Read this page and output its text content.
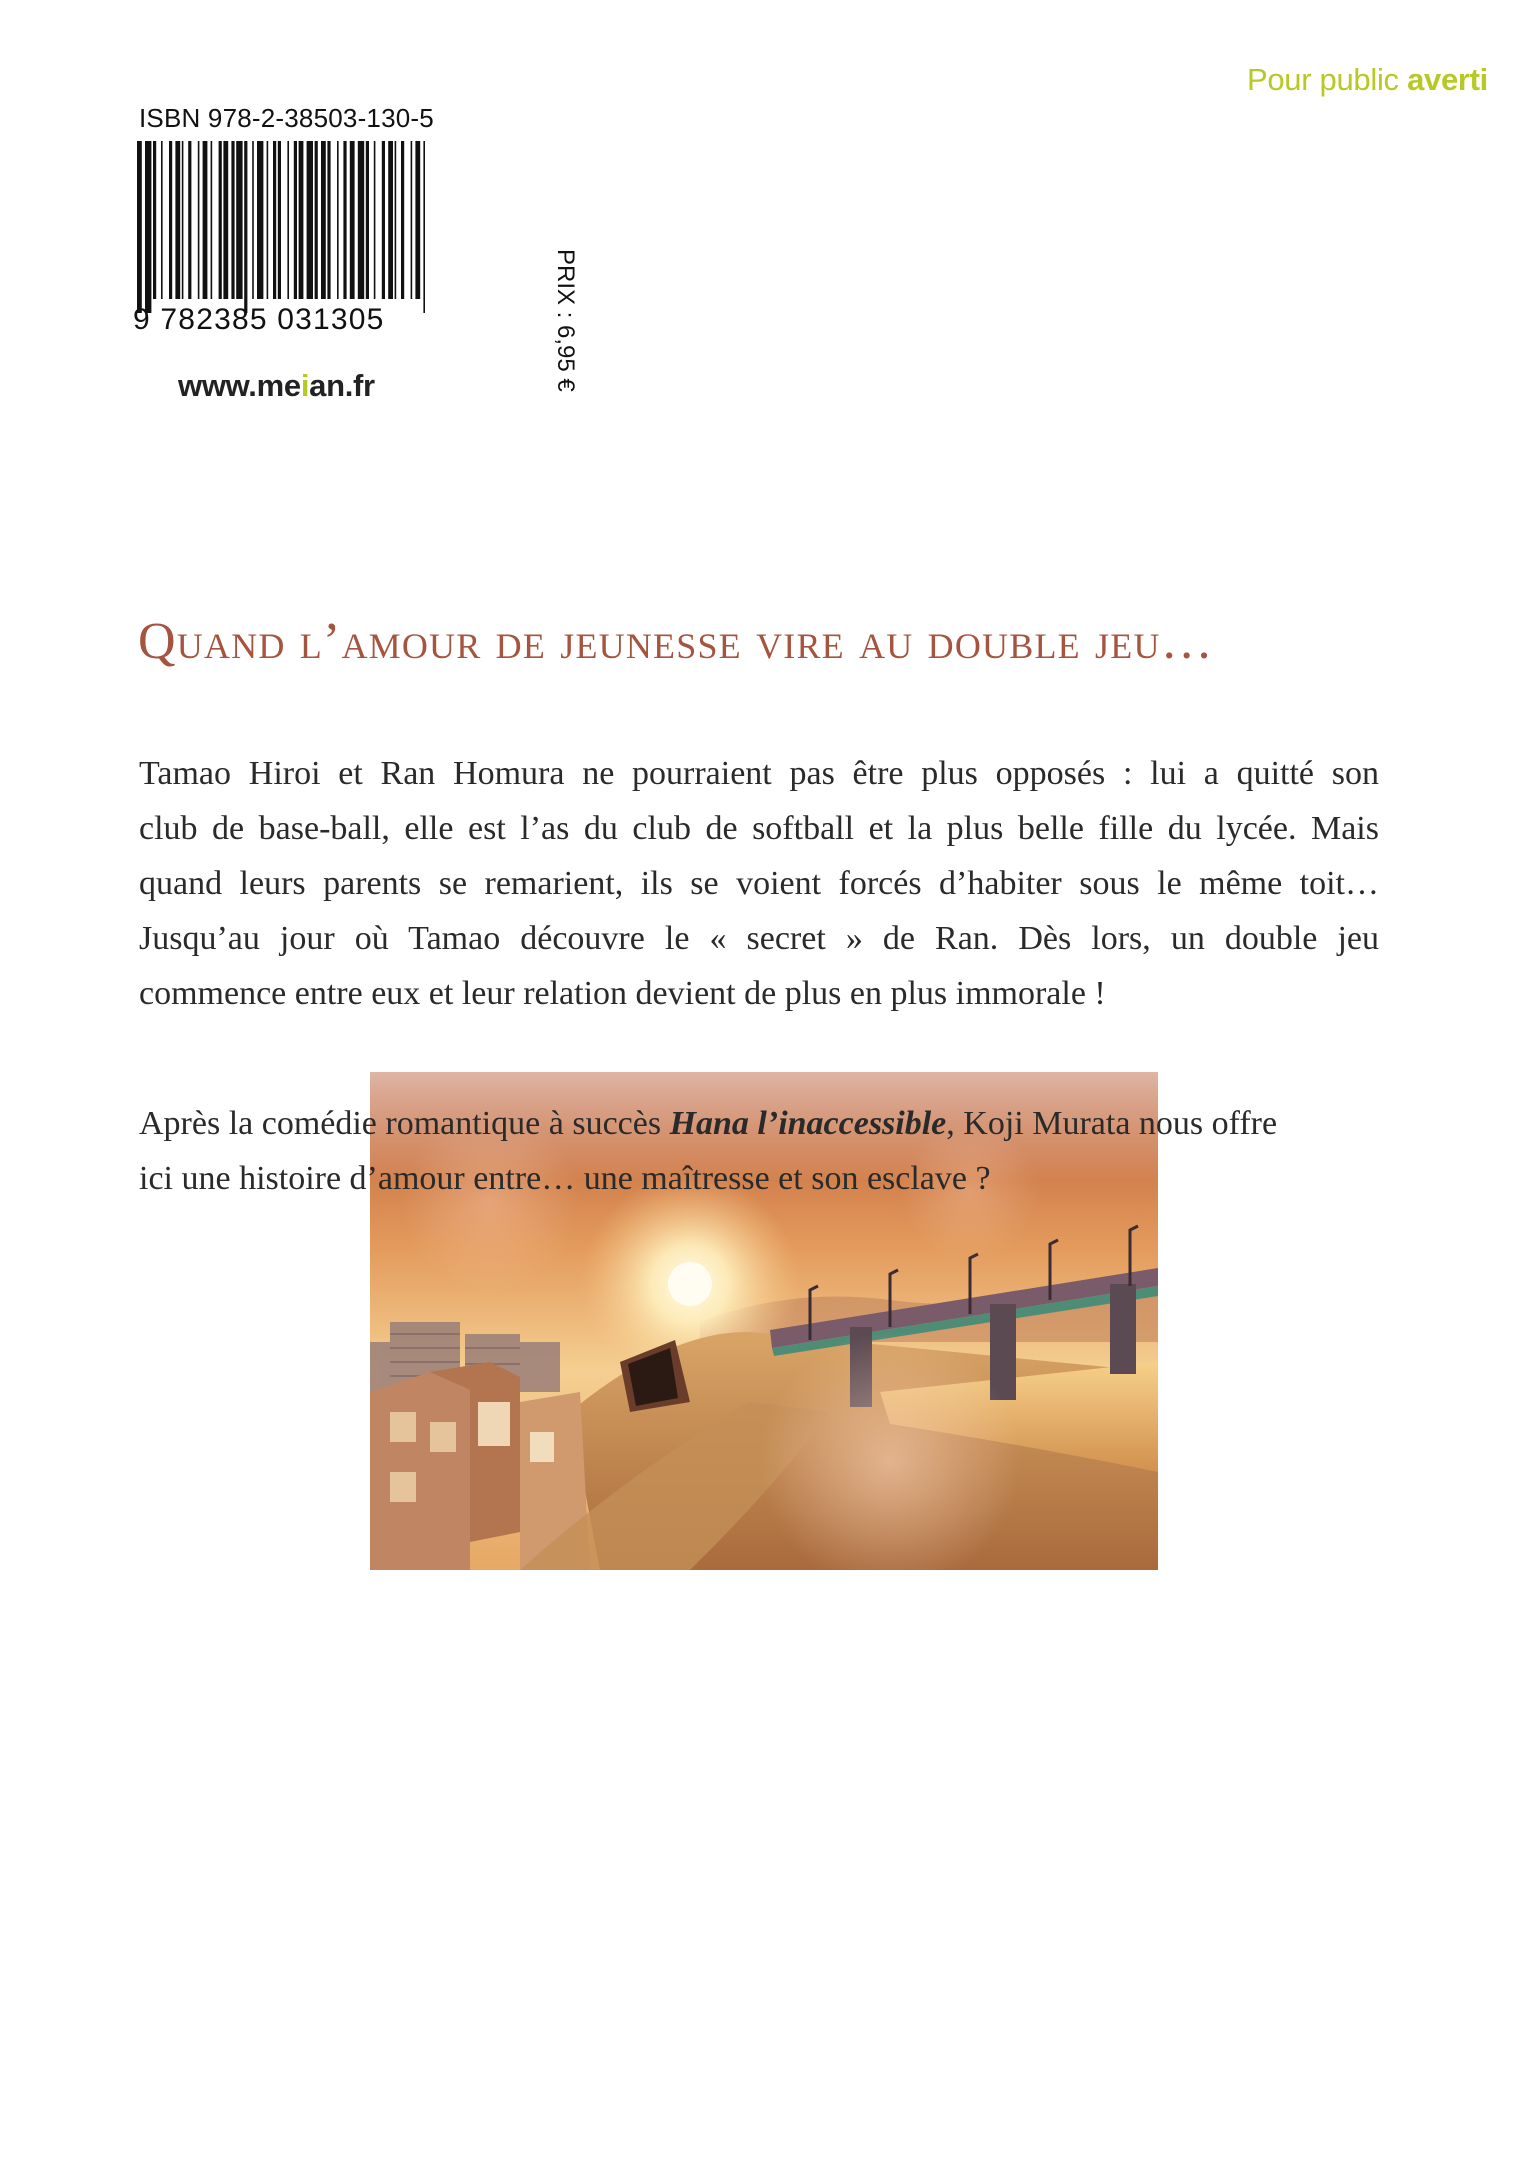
Pour public averti
ISBN 978-2-38503-130-5
9 782385 031305	PRIX : 6,95 €
www.meian.fr
Quand l’amour de jeunesse vire au double jeu…
Tamao Hiroi et Ran Homura ne pourraient pas être plus opposés : lui a quitté son
club de base-ball, elle est l’as du club de softball et la plus belle fille du lycée. Mais
quand leurs parents se remarient, ils se voient forcés d’habiter sous le même toit…
Jusqu’au jour où Tamao découvre le « secret » de Ran. Dès lors, un double jeu
commence entre eux et leur relation devient de plus en plus immorale !
Après la comédie romantique à succès Hana l’inaccessible, Koji Murata nous offre
ici une histoire d’amour entre… une maîtresse et son esclave ?
